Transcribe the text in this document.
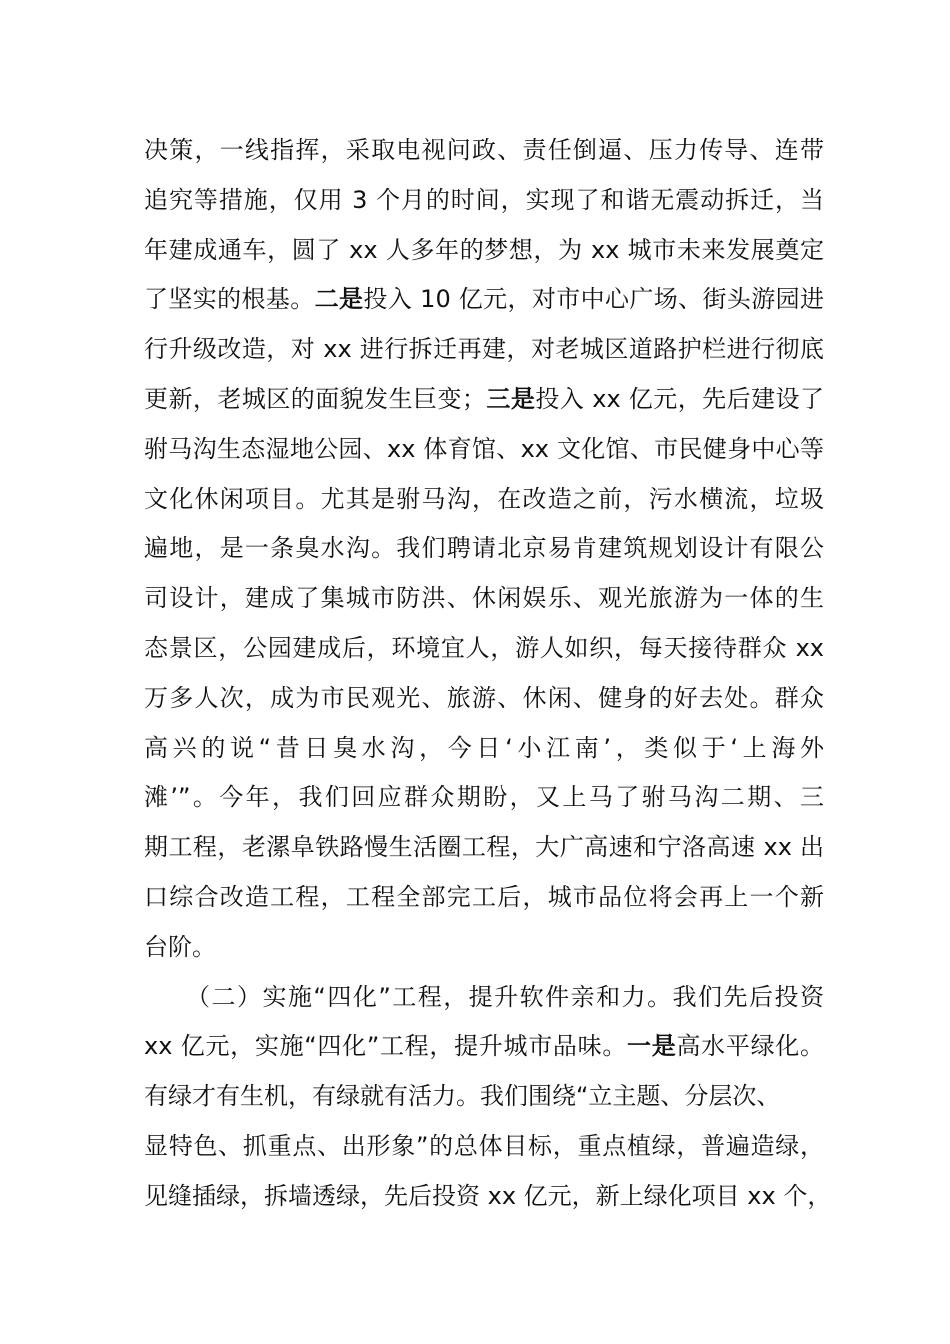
决策，一线指挥，采取电视问政、责任倒逼、压力传导、连带
追究等措施，仅用 3 个月的时间，实现了和谐无震动拆迁，当
年建成通车，圆了 xx 人多年的梦想，为 xx 城市未来发展奠定
了坚实的根基。二是投入 10 亿元，对市中心广场、街头游园进
行升级改造，对 xx 进行拆迁再建，对老城区道路护栏进行彻底
更新，老城区的面貌发生巨变；三是投入 xx 亿元，先后建设了
驸马沟生态湿地公园、xx 体育馆、xx 文化馆、市民健身中心等
文化休闲项目。尤其是驸马沟，在改造之前，污水横流，垃圾
遍地，是一条臭水沟。我们聘请北京易肯建筑规划设计有限公
司设计，建成了集城市防洪、休闲娱乐、观光旅游为一体的生
态景区，公园建成后，环境宜人，游人如织，每天接待群众 xx
万多人次，成为市民观光、旅游、休闲、健身的好去处。群众
高兴的说“昔日臭水沟，今日‘小江南’，类似于‘上海外
滩’”。今年，我们回应群众期盼，又上马了驸马沟二期、三
期工程，老漯阜铁路慢生活圈工程，大广高速和宁洛高速 xx 出
口综合改造工程，工程全部完工后，城市品位将会再上一个新
台阶。
（二）实施“四化”工程，提升软件亲和力。我们先后投资
xx 亿元，实施“四化”工程，提升城市品味。一是高水平绿化。
有绿才有生机，有绿就有活力。我们围绕“立主题、分层次、
显特色、抓重点、出形象”的总体目标，重点植绿，普遍造绿，
见缝插绿，拆墙透绿，先后投资 xx 亿元，新上绿化项目 xx 个，
